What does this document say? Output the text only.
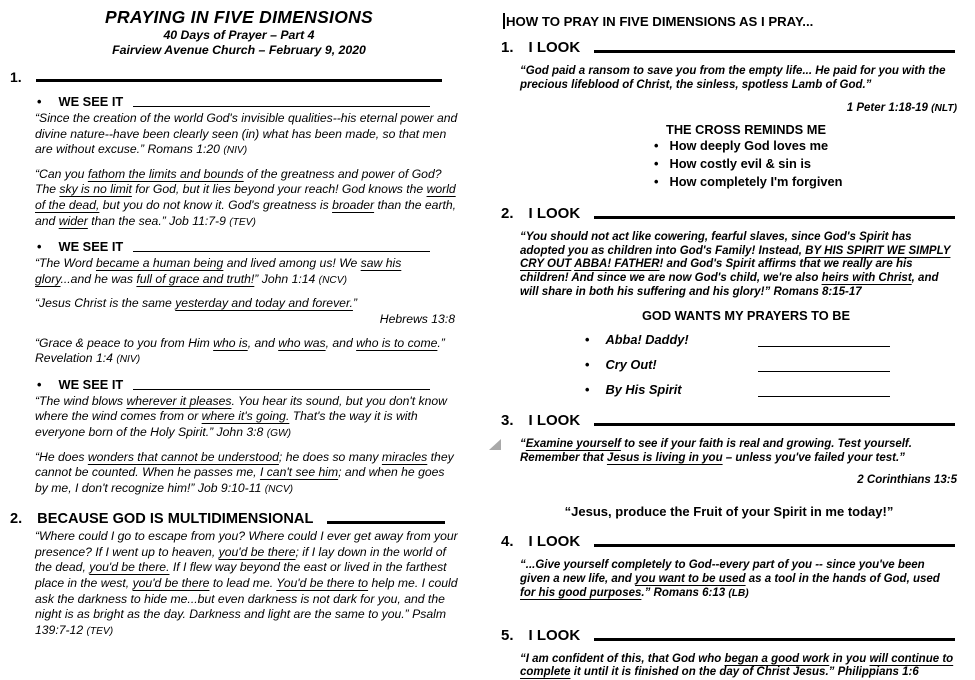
PRAYING IN FIVE DIMENSIONS
40 Days of Prayer – Part 4
Fairview Avenue Church – February 9, 2020
1.
• WE SEE IT
“Since the creation of the world God's invisible qualities--his eternal power and divine nature--have been clearly seen (in) what has been made, so that men are without excuse.” Romans 1:20 (NIV)
“Can you fathom the limits and bounds of the greatness and power of God? The sky is no limit for God, but it lies beyond your reach! God knows the world of the dead, but you do not know it. God's greatness is broader than the earth, and wider than the sea.” Job 11:7-9 (TEV)
• WE SEE IT
“The Word became a human being and lived among us! We saw his glory...and he was full of grace and truth!” John 1:14 (NCV)
“Jesus Christ is the same yesterday and today and forever.”
Hebrews 13:8
“Grace & peace to you from Him who is, and who was, and who is to come.” Revelation 1:4 (NIV)
• WE SEE IT
“The wind blows wherever it pleases. You hear its sound, but you don't know where the wind comes from or where it's going. That's the way it is with everyone born of the Holy Spirit.” John 3:8 (GW)
“He does wonders that cannot be understood; he does so many miracles they cannot be counted. When he passes me, I can't see him; and when he goes by me, I don't recognize him!” Job 9:10-11 (NCV)
2. BECAUSE GOD IS MULTIDIMENSIONAL
“Where could I go to escape from you? Where could I ever get away from your presence? If I went up to heaven, you'd be there; if I lay down in the world of the dead, you'd be there. If I flew way beyond the east or lived in the farthest place in the west, you'd be there to lead me. You'd be there to help me. I could ask the darkness to hide me...but even darkness is not dark for you, and the night is as bright as the day. Darkness and light are the same to you.” Psalm 139:7-12 (TEV)
HOW TO PRAY IN FIVE DIMENSIONS AS I PRAY...
1. I LOOK
“God paid a ransom to save you from the empty life... He paid for you with the precious lifeblood of Christ, the sinless, spotless Lamb of God.”
1 Peter 1:18-19 (NLT)
THE CROSS REMINDS ME
• How deeply God loves me
• How costly evil & sin is
• How completely I'm forgiven
2. I LOOK
“You should not act like cowering, fearful slaves, since God's Spirit has adopted you as children into God's Family! Instead, BY HIS SPIRIT WE SIMPLY CRY OUT ABBA! FATHER! and God's Spirit affirms that we really are his children! And since we are now God's child, we're also heirs with Christ, and will share in both his suffering and his glory!” Romans 8:15-17
GOD WANTS MY PRAYERS TO BE
• Abba! Daddy!
• Cry Out!
• By His Spirit
3. I LOOK
“Examine yourself to see if your faith is real and growing. Test yourself. Remember that Jesus is living in you – unless you've failed your test.”
2 Corinthians 13:5
“Jesus, produce the Fruit of your Spirit in me today!”
4. I LOOK
“...Give yourself completely to God--every part of you -- since you've been given a new life, and you want to be used as a tool in the hands of God, used for his good purposes.” Romans 6:13 (LB)
5. I LOOK
“I am confident of this, that God who began a good work in you will continue to complete it until it is finished on the day of Christ Jesus.” Philippians 1:6
